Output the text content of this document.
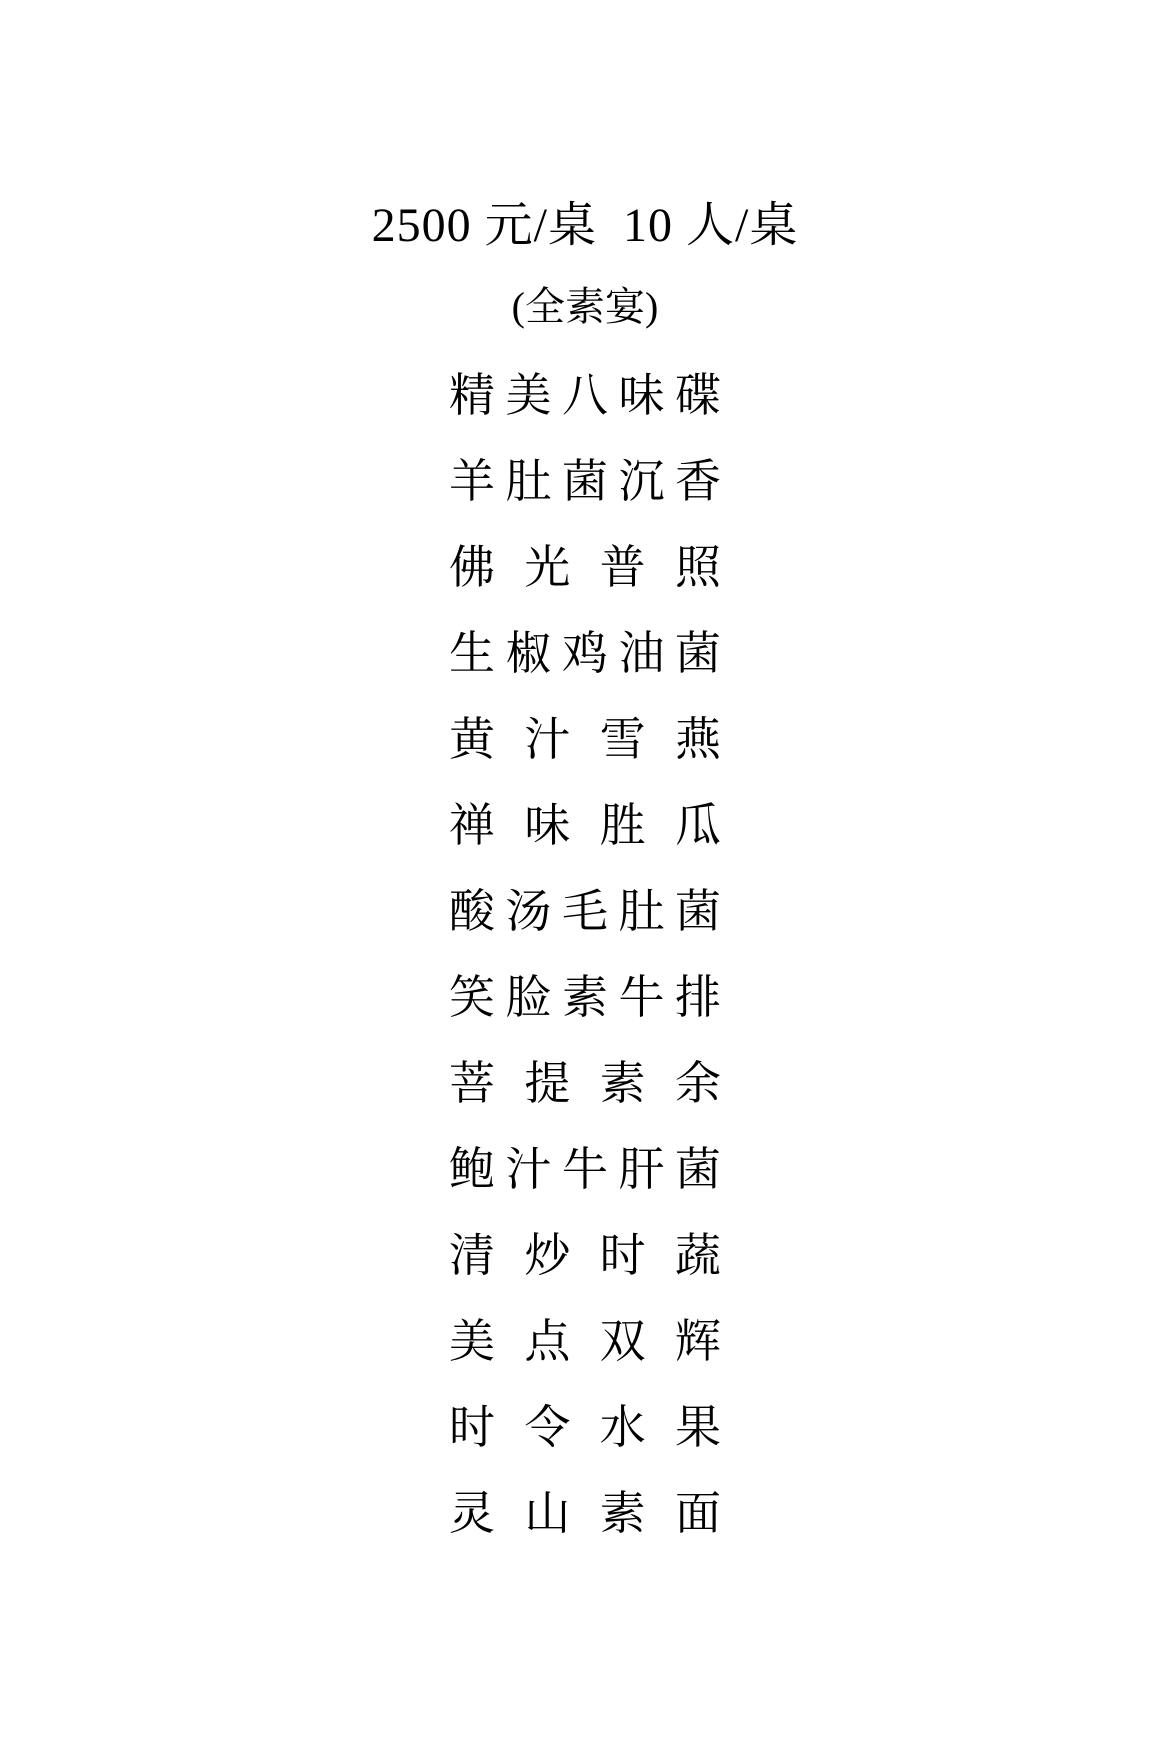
2500 元/桌  10 人/桌
(全素宴)
精 美 八 味 碟
羊 肚 菌 沉 香
佛 光 普 照
生 椒 鸡 油 菌
黄 汁 雪 燕
禅 味 胜 瓜
酸 汤 毛 肚 菌
笑 脸 素 牛 排
菩 提 素 余
鲍 汁 牛 肝 菌
清 炒 时 蔬
美 点 双 辉
时 令 水 果
灵 山 素 面
